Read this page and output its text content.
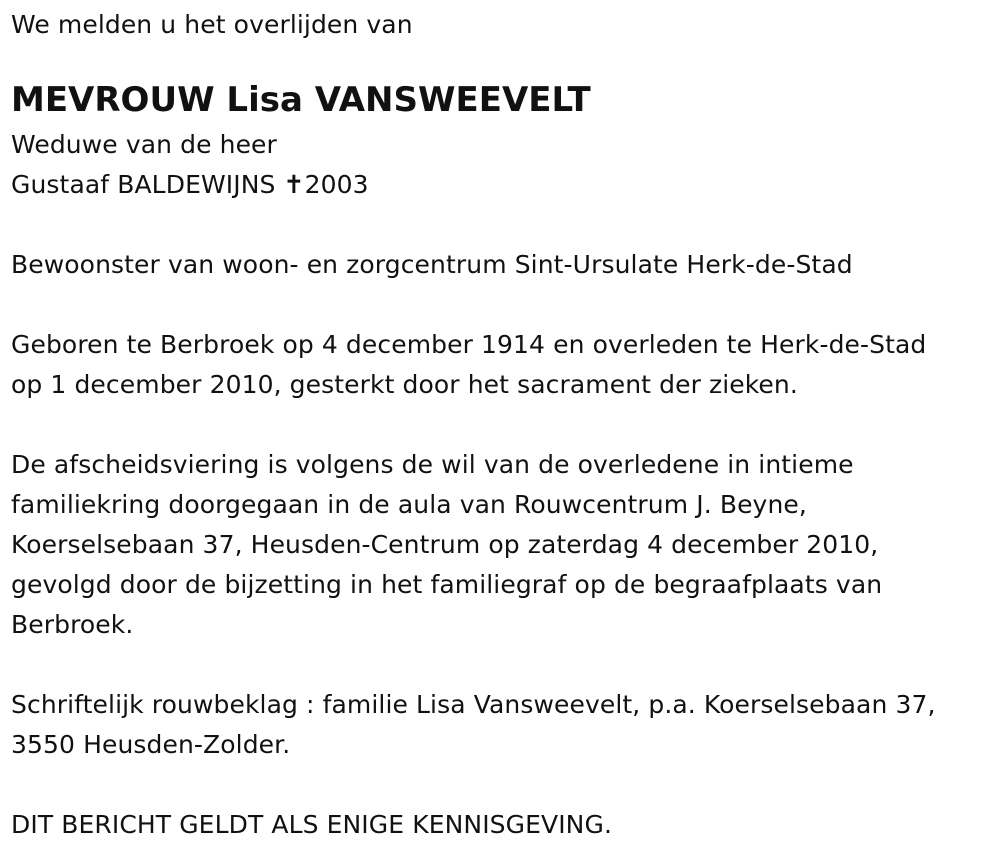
We melden u het overlijden van
MEVROUW Lisa VANSWEEVELT
Weduwe van de heer
Gustaaf BALDEWIJNS ✝2003
Bewoonster van woon- en zorgcentrum Sint-Ursulate Herk-de-Stad
Geboren te Berbroek op 4 december 1914 en overleden te Herk-de-Stad
op 1 december 2010, gesterkt door het sacrament der zieken.
De afscheidsviering is volgens de wil van de overledene in intieme
familiekring doorgegaan in de aula van Rouwcentrum J. Beyne,
Koerselsebaan 37, Heusden-Centrum op zaterdag 4 december 2010,
gevolgd door de bijzetting in het familiegraf op de begraafplaats van
Berbroek.
Schriftelijk rouwbeklag : familie Lisa Vansweevelt, p.a. Koerselsebaan 37,
3550 Heusden-Zolder.
DIT BERICHT GELDT ALS ENIGE KENNISGEVING.
